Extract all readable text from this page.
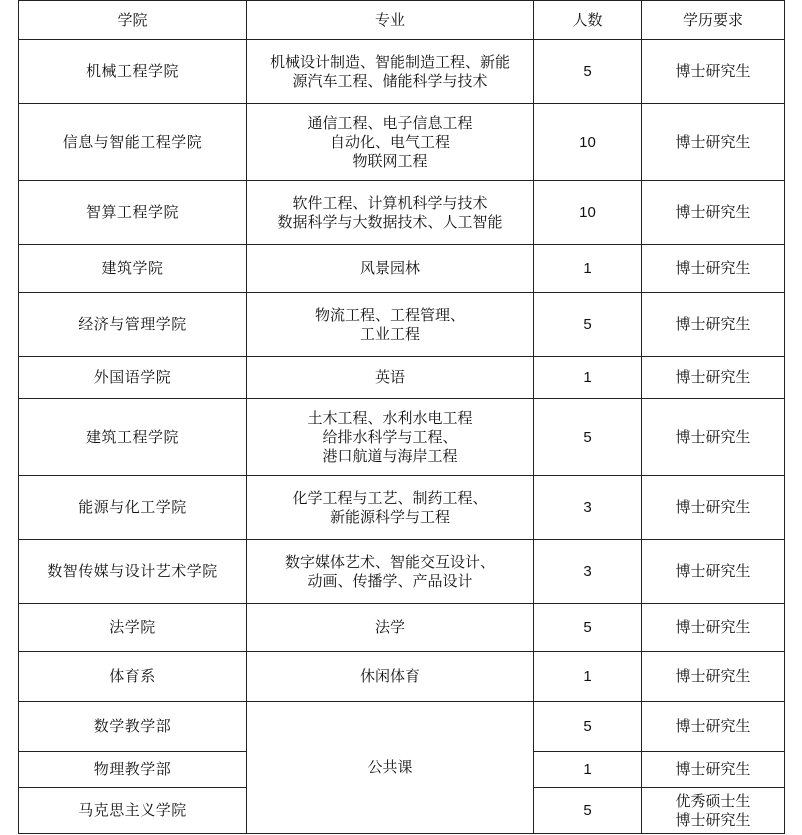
学院	专业	人数	学历要求
机械工程学院	机械设计制造、智能制造工程、新能
源汽车工程、储能科学与技术	5	博士研究生

信息与智能工程学院	通信工程、电子信息工程
自动化、电气工程
物联网工程	10	博士研究生

智算工程学院	软件工程、计算机科学与技术
数据科学与大数据技术、人工智能	10	博士研究生

建筑学院	风景园林	1	博士研究生

经济与管理学院	物流工程、工程管理、
工业工程	5	博士研究生

外国语学院	英语	1	博士研究生

建筑工程学院	土木工程、水利水电工程
给排水科学与工程、
港口航道与海岸工程	5	博士研究生

能源与化工学院	化学工程与工艺、制药工程、
新能源科学与工程	3	博士研究生

数智传媒与设计艺术学院	数字媒体艺术、智能交互设计、
动画、传播学、产品设计	3	博士研究生

法学院	法学	5	博士研究生

体育系	休闲体育	1	博士研究生

数学教学部	公共课	5	博士研究生

物理教学部		1	博士研究生

马克思主义学院		5	优秀硕士生
博士研究生
